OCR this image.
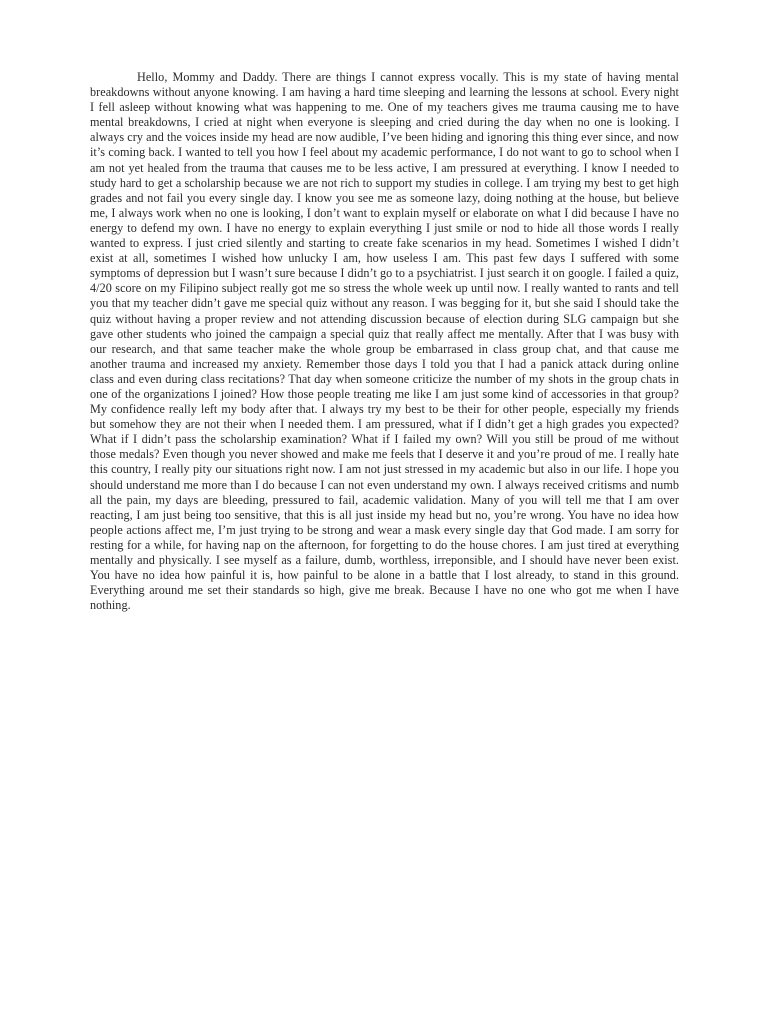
Hello, Mommy and Daddy. There are things I cannot express vocally. This is my state of having mental breakdowns without anyone knowing. I am having a hard time sleeping and learning the lessons at school. Every night I fell asleep without knowing what was happening to me. One of my teachers gives me trauma causing me to have mental breakdowns, I cried at night when everyone is sleeping and cried during the day when no one is looking. I always cry and the voices inside my head are now audible, I’ve been hiding and ignoring this thing ever since, and now it’s coming back. I wanted to tell you how I feel about my academic performance, I do not want to go to school when I am not yet healed from the trauma that causes me to be less active, I am pressured at everything. I know I needed to study hard to get a scholarship because we are not rich to support my studies in college. I am trying my best to get high grades and not fail you every single day. I know you see me as someone lazy, doing nothing at the house, but believe me, I always work when no one is looking, I don’t want to explain myself or elaborate on what I did because I have no energy to defend my own. I have no energy to explain everything I just smile or nod to hide all those words I really wanted to express. I just cried silently and starting to create fake scenarios in my head. Sometimes I wished I didn’t exist at all, sometimes I wished how unlucky I am, how useless I am. This past few days I suffered with some symptoms of depression but I wasn’t sure because I didn’t go to a psychiatrist. I just search it on google. I failed a quiz, 4/20 score on my Filipino subject really got me so stress the whole week up until now. I really wanted to rants and tell you that my teacher didn’t gave me special quiz without any reason. I was begging for it, but she said I should take the quiz without having a proper review and not attending discussion because of election during SLG campaign but she gave other students who joined the campaign a special quiz that really affect me mentally. After that I was busy with our research, and that same teacher make the whole group be embarrased in class group chat, and that cause me another trauma and increased my anxiety. Remember those days I told you that I had a panick attack during online class and even during class recitations? That day when someone criticize the number of my shots in the group chats in one of the organizations I joined? How those people treating me like I am just some kind of accessories in that group? My confidence really left my body after that. I always try my best to be their for other people, especially my friends but somehow they are not their when I needed them. I am pressured, what if I didn’t get a high grades you expected? What if I didn’t pass the scholarship examination? What if I failed my own? Will you still be proud of me without those medals? Even though you never showed and make me feels that I deserve it and you’re proud of me. I really hate this country, I really pity our situations right now. I am not just stressed in my academic but also in our life. I hope you should understand me more than I do because I can not even understand my own. I always received critisms and numb all the pain, my days are bleeding, pressured to fail, academic validation. Many of you will tell me that I am over reacting, I am just being too sensitive, that this is all just inside my head but no, you’re wrong. You have no idea how people actions affect me, I’m just trying to be strong and wear a mask every single day that God made. I am sorry for resting for a while, for having nap on the afternoon, for forgetting to do the house chores. I am just tired at everything mentally and physically. I see myself as a failure, dumb, worthless, irreponsible, and I should have never been exist. You have no idea how painful it is, how painful to be alone in a battle that I lost already, to stand in this ground. Everything around me set their standards so high, give me break. Because I have no one who got me when I have nothing.
